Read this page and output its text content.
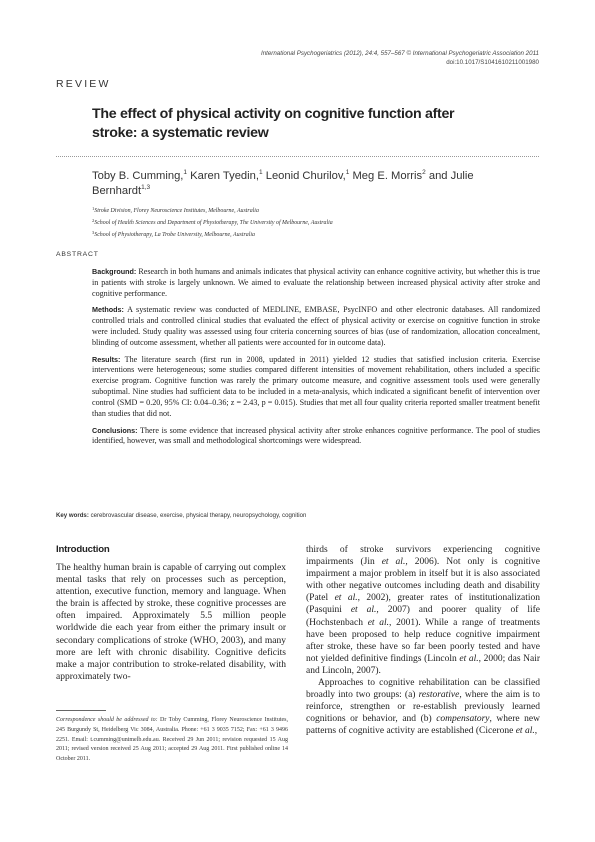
International Psychogeriatrics (2012), 24:4, 557–567 © International Psychogeriatric Association 2011
doi:10.1017/S1041610211001980
REVIEW
The effect of physical activity on cognitive function after
stroke: a systematic review
Toby B. Cumming,$^1$ Karen Tyedin,$^1$ Leonid Churilov,$^1$ Meg E. Morris$^2$ and Julie Bernhardt$^{1,3}$
$^1$Stroke Division, Florey Neuroscience Institutes, Melbourne, Australia
$^2$School of Health Sciences and Department of Physiotherapy, The University of Melbourne, Australia
$^3$School of Physiotherapy, La Trobe University, Melbourne, Australia
ABSTRACT

Background: Research in both humans and animals indicates that physical activity can enhance cognitive activity, but whether this is true in patients with stroke is largely unknown. We aimed to evaluate the relationship between increased physical activity after stroke and cognitive performance.

Methods: A systematic review was conducted of MEDLINE, EMBASE, PsycINFO and other electronic databases. All randomized controlled trials and controlled clinical studies that evaluated the effect of physical activity or exercise on cognitive function in stroke were included. Study quality was assessed using four criteria concerning sources of bias (use of randomization, allocation concealment, blinding of outcome assessment, whether all patients were accounted for in outcome data).

Results: The literature search (first run in 2008, updated in 2011) yielded 12 studies that satisfied inclusion criteria. Exercise interventions were heterogeneous; some studies compared different intensities of movement rehabilitation, others included a specific exercise program. Cognitive function was rarely the primary outcome measure, and cognitive assessment tools used were generally suboptimal. Nine studies had sufficient data to be included in a meta-analysis, which indicated a significant benefit of intervention over control (SMD = 0.20, 95% CI: 0.04–0.36; z = 2.43, p = 0.015). Studies that met all four quality criteria reported smaller treatment benefit than studies that did not.

Conclusions: There is some evidence that increased physical activity after stroke enhances cognitive performance. The pool of studies identified, however, was small and methodological shortcomings were widespread.

Key words: cerebrovascular disease, exercise, physical therapy, neuropsychology, cognition
Introduction

The healthy human brain is capable of carrying out complex mental tasks that rely on processes such as perception, attention, executive function, memory and language. When the brain is affected by stroke, these cognitive processes are often impaired. Approximately 5.5 million people worldwide die each year from either the primary insult or secondary complications of stroke (WHO, 2003), and many more are left with chronic disability. Cognitive deficits make a major contribution to stroke-related disability, with approximately two-

thirds of stroke survivors experiencing cognitive impairments (Jin et al., 2006). Not only is cognitive impairment a major problem in itself but it is also associated with other negative outcomes including death and disability (Patel et al., 2002), greater rates of institutionalization (Pasquini et al., 2007) and poorer quality of life (Hochstenbach et al., 2001). While a range of treatments have been proposed to help reduce cognitive impairment after stroke, these have so far been poorly tested and have not yielded definitive findings (Lincoln et al., 2000; das Nair and Lincoln, 2007).

Approaches to cognitive rehabilitation can be classified broadly into two groups: (a) restorative, where the aim is to reinforce, strengthen or re-establish previously learned cognitions or behavior, and (b) compensatory, where new patterns of cognitive activity are established (Cicerone et al.,

Correspondence should be addressed to: Dr Toby Cumming, Florey Neuroscience Institutes, 245 Burgundy St, Heidelberg Vic 3084, Australia. Phone: +61 3 9035 7152; Fax: +61 3 9496 2251. Email: t.cumming@unimelb.edu.au. Received 29 Jun 2011; revision requested 15 Aug 2011; revised version received 25 Aug 2011; accepted 29 Aug 2011. First published online 14 October 2011.
